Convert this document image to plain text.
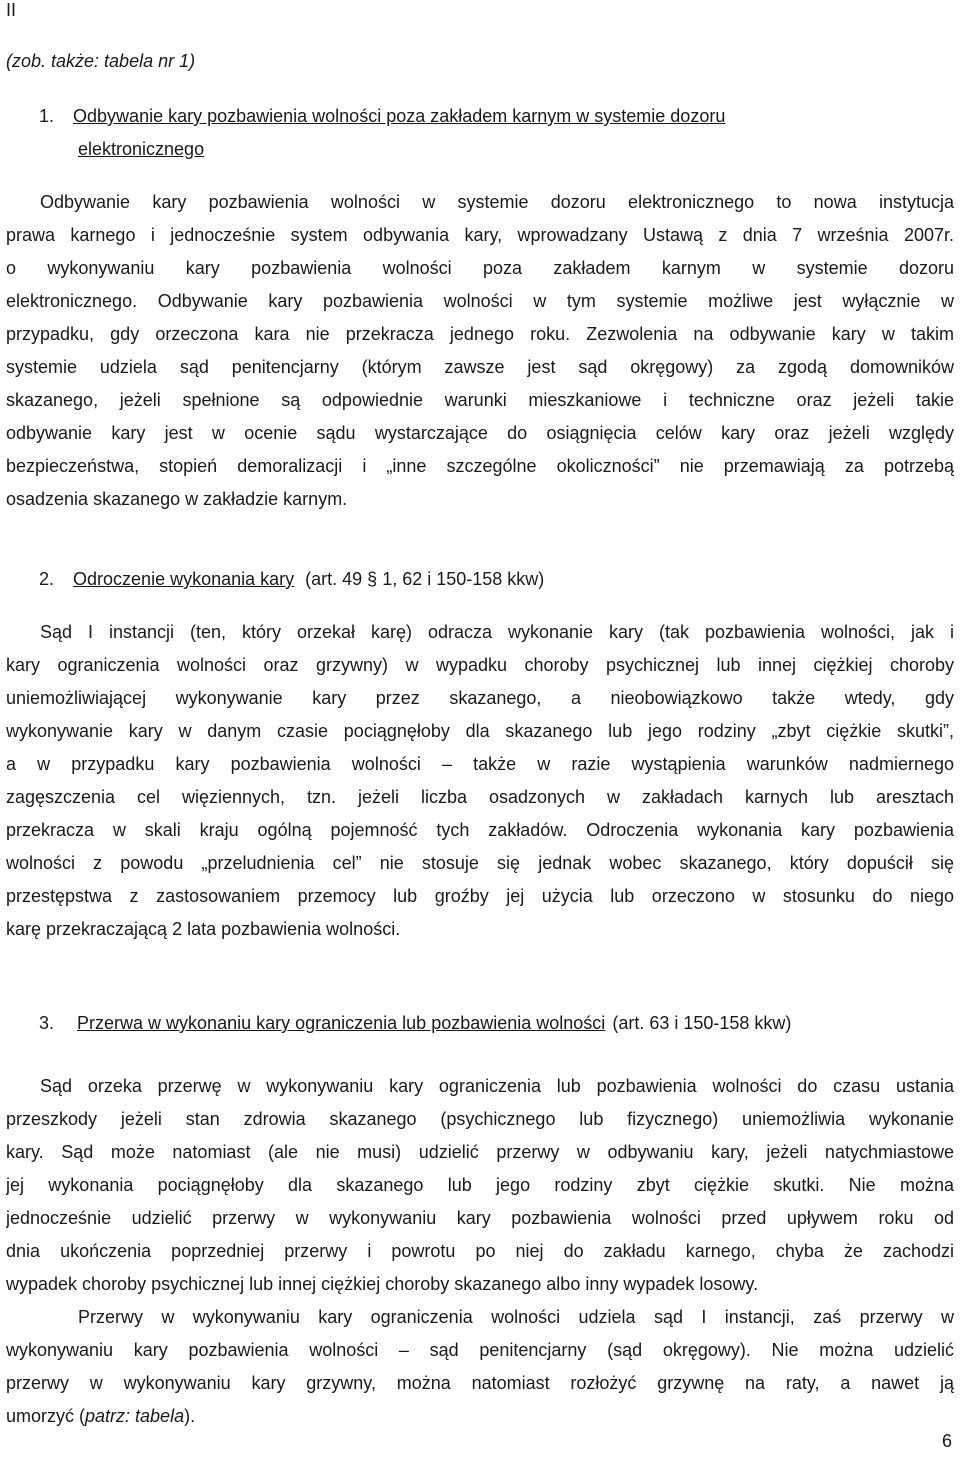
II
(zob. także: tabela nr 1)
1. Odbywanie kary pozbawienia wolności poza zakładem karnym w systemie dozoru
elektronicznego
Odbywanie kary pozbawienia wolności w systemie dozoru elektronicznego to nowa instytucja
prawa karnego i jednocześnie system odbywania kary, wprowadzany Ustawą z dnia 7 września 2007r.
o wykonywaniu kary pozbawienia wolności poza zakładem karnym w systemie dozoru
elektronicznego. Odbywanie kary pozbawienia wolności w tym systemie możliwe jest wyłącznie w
przypadku, gdy orzeczona kara nie przekracza jednego roku. Zezwolenia na odbywanie kary w takim
systemie udziela sąd penitencjarny (którym zawsze jest sąd okręgowy) za zgodą domowników
skazanego, jeżeli spełnione są odpowiednie warunki mieszkaniowe i techniczne oraz jeżeli takie
odbywanie kary jest w ocenie sądu wystarczające do osiągnięcia celów kary oraz jeżeli względy
bezpieczeństwa, stopień demoralizacji i „inne szczególne okoliczności” nie przemawiają za potrzebą
osadzenia skazanego w zakładzie karnym.
2. Odroczenie wykonania kary (art. 49 § 1, 62 i 150-158 kkw)
Sąd I instancji (ten, który orzekał karę) odracza wykonanie kary (tak pozbawienia wolności, jak i
kary ograniczenia wolności oraz grzywny) w wypadku choroby psychicznej lub innej ciężkiej choroby
uniemożliwiającej wykonywanie kary przez skazanego, a nieobowiązkowo także wtedy, gdy
wykonywanie kary w danym czasie pociągnęłoby dla skazanego lub jego rodziny „zbyt ciężkie skutki”,
a w przypadku kary pozbawienia wolności – także w razie wystąpienia warunków nadmiernego
zagęszczenia cel więziennych, tzn. jeżeli liczba osadzonych w zakładach karnych lub aresztach
przekracza w skali kraju ogólną pojemność tych zakładów. Odroczenia wykonania kary pozbawienia
wolności z powodu „przeludnienia cel” nie stosuje się jednak wobec skazanego, który dopuścił się
przestępstwa z zastosowaniem przemocy lub groźby jej użycia lub orzeczono w stosunku do niego
karę przekraczającą 2 lata pozbawienia wolności.
3. Przerwa w wykonaniu kary ograniczenia lub pozbawienia wolności (art. 63 i 150-158 kkw)
Sąd orzeka przerwę w wykonywaniu kary ograniczenia lub pozbawienia wolności do czasu ustania
przeszkody jeżeli stan zdrowia skazanego (psychicznego lub fizycznego) uniemożliwia wykonanie
kary. Sąd może natomiast (ale nie musi) udzielić przerwy w odbywaniu kary, jeżeli natychmiastowe
jej wykonania pociągnęłoby dla skazanego lub jego rodziny zbyt ciężkie skutki. Nie można
jednocześnie udzielić przerwy w wykonywaniu kary pozbawienia wolności przed upływem roku od
dnia ukończenia poprzedniej przerwy i powrotu po niej do zakładu karnego, chyba że zachodzi
wypadek choroby psychicznej lub innej ciężkiej choroby skazanego albo inny wypadek losowy.
Przerwy w wykonywaniu kary ograniczenia wolności udziela sąd I instancji, zaś przerwy w
wykonywaniu kary pozbawienia wolności – sąd penitencjarny (sąd okręgowy). Nie można udzielić
przerwy w wykonywaniu kary grzywny, można natomiast rozłożyć grzywnę na raty, a nawet ją
umorzyć (patrz: tabela).
6
